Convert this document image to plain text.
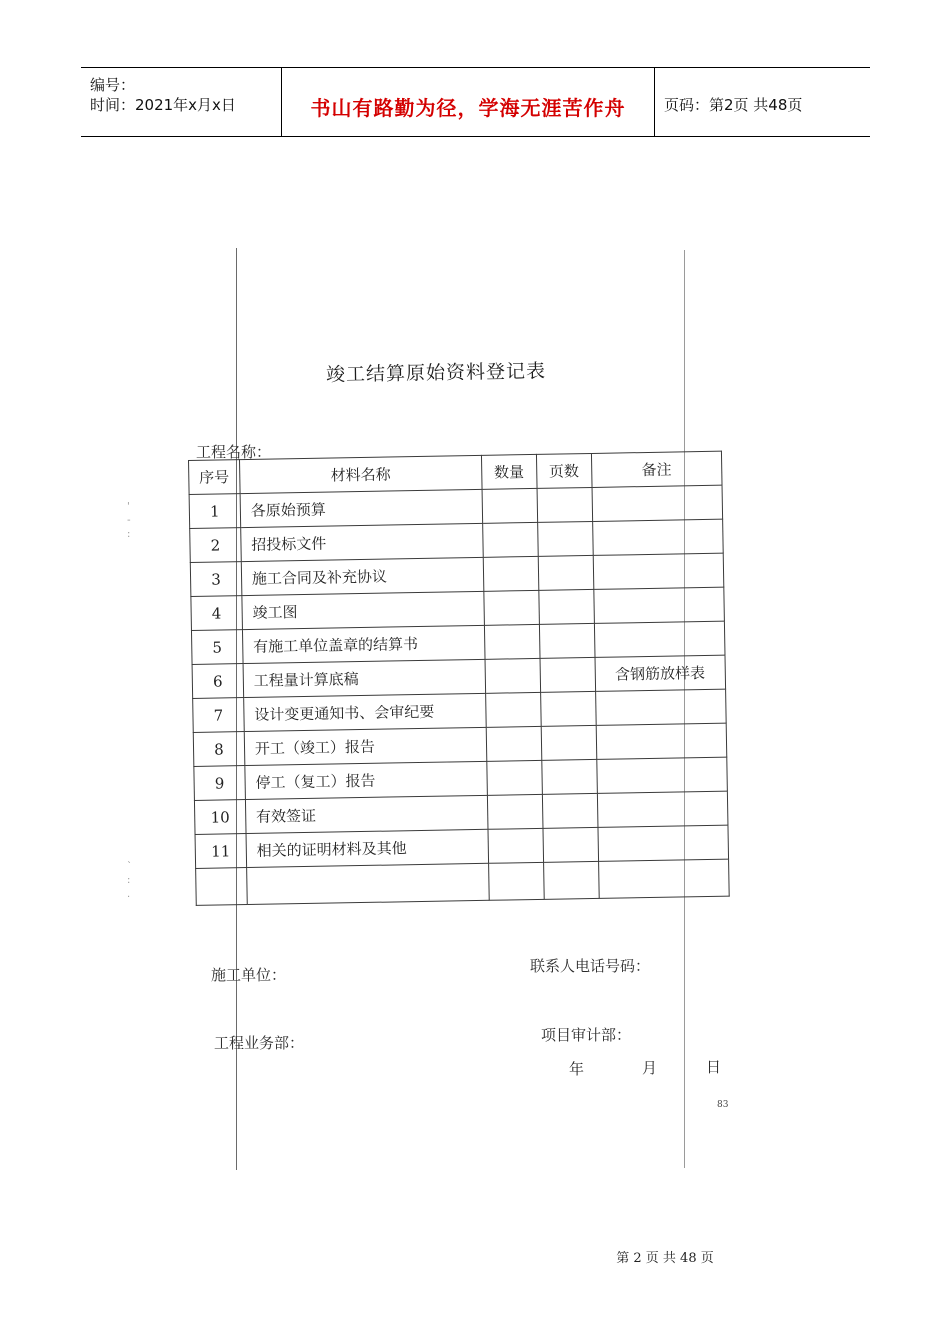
编号：
时间：2021年x月x日	书山有路勤为径，学海无涯苦作舟	页码：第2页 共48页
'
-
:
`
:
.
竣工结算原始资料登记表
工程名称：
序号	材料名称	数量	页数	备注
1	各原始预算			
2	招投标文件			
3	施工合同及补充协议			
4	竣工图			
5	有施工单位盖章的结算书			
6	工程量计算底稿			含钢筋放样表
7	设计变更通知书、会审纪要			
8	开工（竣工）报告			
9	停工（复工）报告			
10	有效签证			
11	相关的证明材料及其他			

施工单位：	联系人电话号码：
工程业务部：	项目审计部：
年	月	日
83
第 2 页 共 48 页
